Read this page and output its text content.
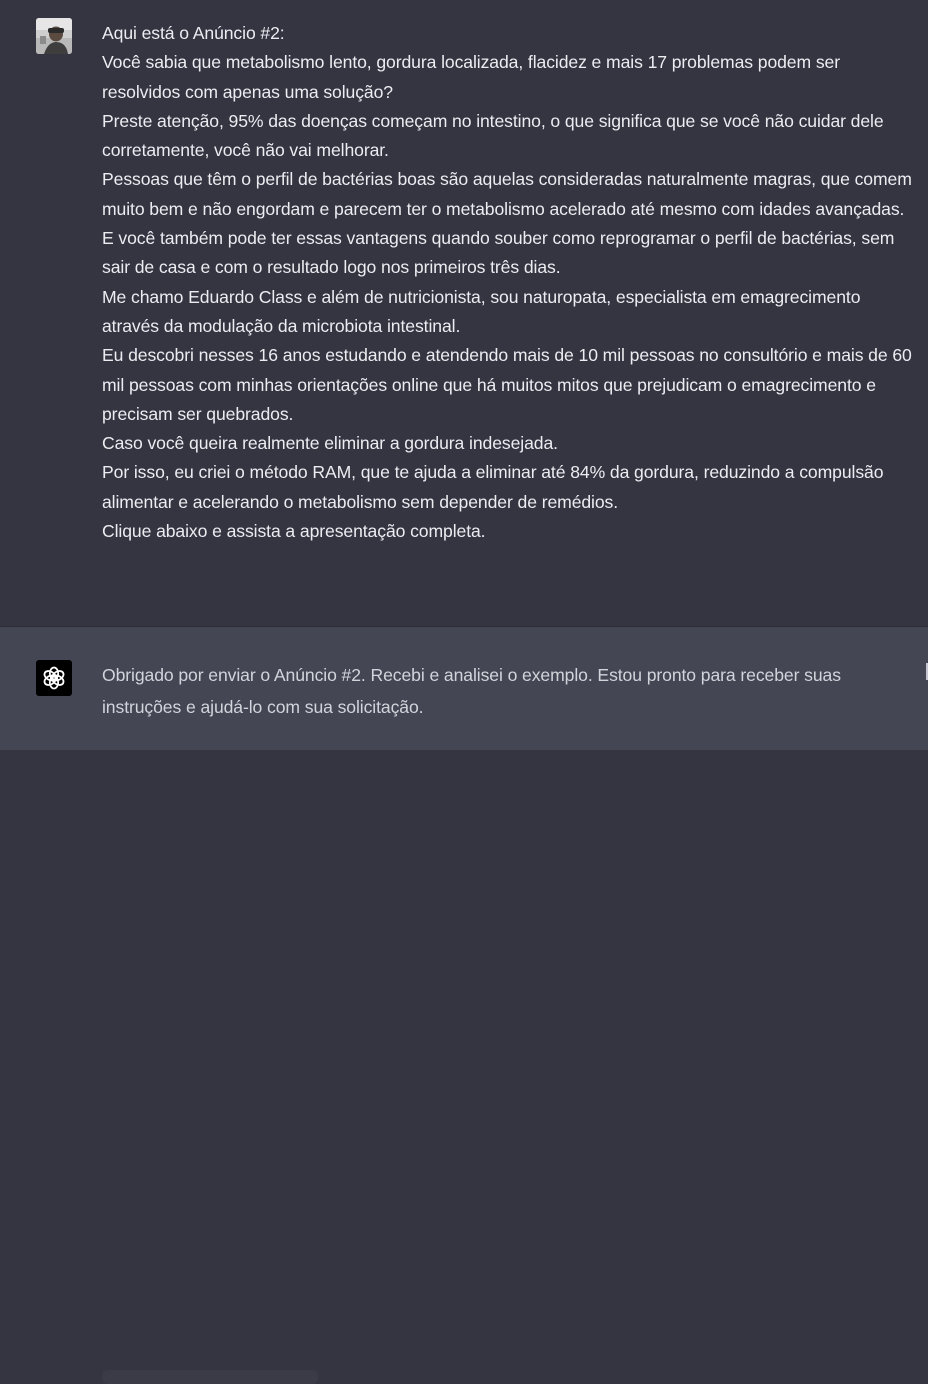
Aqui está o Anúncio #2:

Você sabia que metabolismo lento, gordura localizada, flacidez e mais 17 problemas podem ser resolvidos com apenas uma solução?

Preste atenção, 95% das doenças começam no intestino, o que significa que se você não cuidar dele corretamente, você não vai melhorar.

Pessoas que têm o perfil de bactérias boas são aquelas consideradas naturalmente magras, que comem muito bem e não engordam e parecem ter o metabolismo acelerado até mesmo com idades avançadas.

E você também pode ter essas vantagens quando souber como reprogramar o perfil de bactérias, sem sair de casa e com o resultado logo nos primeiros três dias.

Me chamo Eduardo Class e além de nutricionista, sou naturopata, especialista em emagrecimento através da modulação da microbiota intestinal.

Eu descobri nesses 16 anos estudando e atendendo mais de 10 mil pessoas no consultório e mais de 60 mil pessoas com minhas orientações online que há muitos mitos que prejudicam o emagrecimento e precisam ser quebrados.

Caso você queira realmente eliminar a gordura indesejada.

Por isso, eu criei o método RAM, que te ajuda a eliminar até 84% da gordura, reduzindo a compulsão alimentar e acelerando o metabolismo sem depender de remédios.

Clique abaixo e assista a apresentação completa.

Obrigado por enviar o Anúncio #2. Recebi e analisei o exemplo. Estou pronto para receber suas instruções e ajudá-lo com sua solicitação.
